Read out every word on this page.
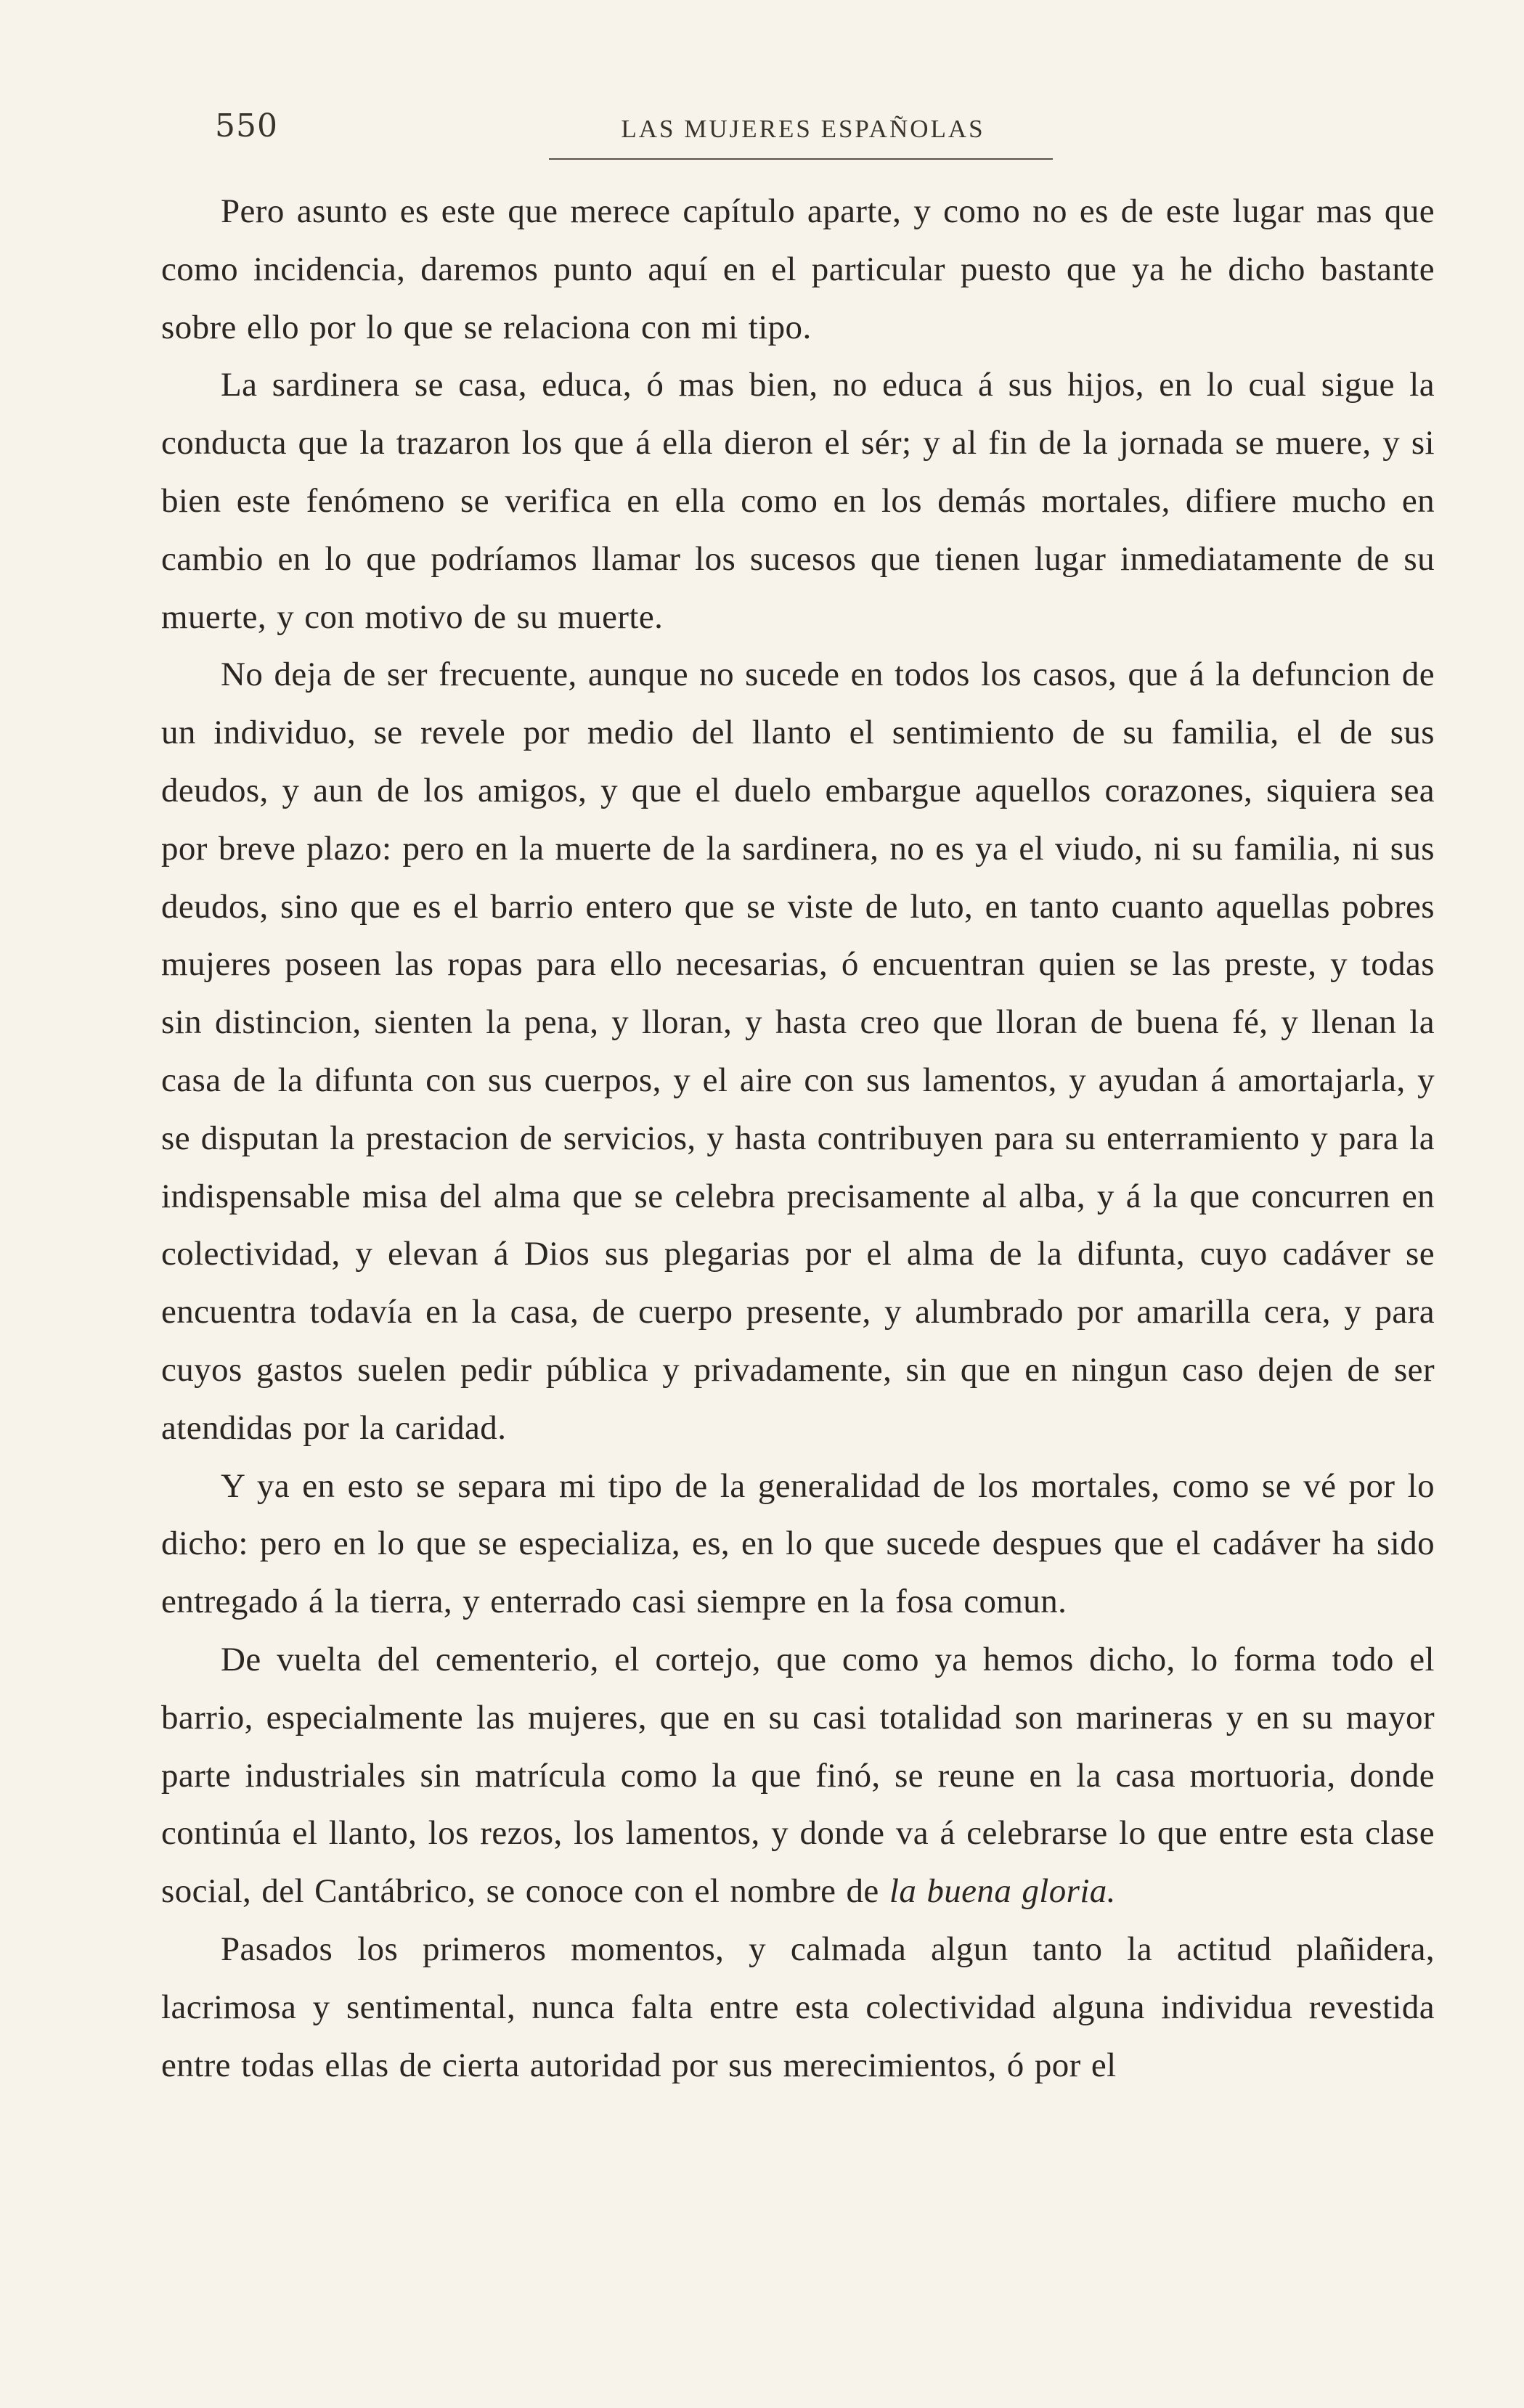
550	LAS MUJERES ESPAÑOLAS

Pero asunto es este que merece capítulo aparte, y como no es de este lugar mas que como incidencia, daremos punto aquí en el particular puesto que ya he dicho bastante sobre ello por lo que se relaciona con mi tipo.

La sardinera se casa, educa, ó mas bien, no educa á sus hijos, en lo cual sigue la conducta que la trazaron los que á ella dieron el sér; y al fin de la jornada se muere, y si bien este fenómeno se verifica en ella como en los demás mortales, difiere mucho en cambio en lo que podríamos llamar los sucesos que tienen lugar inmediatamente de su muerte, y con motivo de su muerte.

No deja de ser frecuente, aunque no sucede en todos los casos, que á la defuncion de un individuo, se revele por medio del llanto el sentimiento de su familia, el de sus deudos, y aun de los amigos, y que el duelo embargue aquellos corazones, siquiera sea por breve plazo: pero en la muerte de la sardinera, no es ya el viudo, ni su familia, ni sus deudos, sino que es el barrio entero que se viste de luto, en tanto cuanto aquellas pobres mujeres poseen las ropas para ello necesarias, ó encuentran quien se las preste, y todas sin distincion, sienten la pena, y lloran, y hasta creo que lloran de buena fé, y llenan la casa de la difunta con sus cuerpos, y el aire con sus lamentos, y ayudan á amortajarla, y se disputan la prestacion de servicios, y hasta contribuyen para su enterramiento y para la indispensable misa del alma que se celebra precisamente al alba, y á la que concurren en colectividad, y elevan á Dios sus plegarias por el alma de la difunta, cuyo cadáver se encuentra todavía en la casa, de cuerpo presente, y alumbrado por amarilla cera, y para cuyos gastos suelen pedir pública y privadamente, sin que en ningun caso dejen de ser atendidas por la caridad.

Y ya en esto se separa mi tipo de la generalidad de los mortales, como se vé por lo dicho: pero en lo que se especializa, es, en lo que sucede despues que el cadáver ha sido entregado á la tierra, y enterrado casi siempre en la fosa comun.

De vuelta del cementerio, el cortejo, que como ya hemos dicho, lo forma todo el barrio, especialmente las mujeres, que en su casi totalidad son marineras y en su mayor parte industriales sin matrícula como la que finó, se reune en la casa mortuoria, donde continúa el llanto, los rezos, los lamentos, y donde va á celebrarse lo que entre esta clase social, del Cantábrico, se conoce con el nombre de la buena gloria.

Pasados los primeros momentos, y calmada algun tanto la actitud plañidera, lacrimosa y sentimental, nunca falta entre esta colectividad alguna individua revestida entre todas ellas de cierta autoridad por sus merecimientos, ó por el
